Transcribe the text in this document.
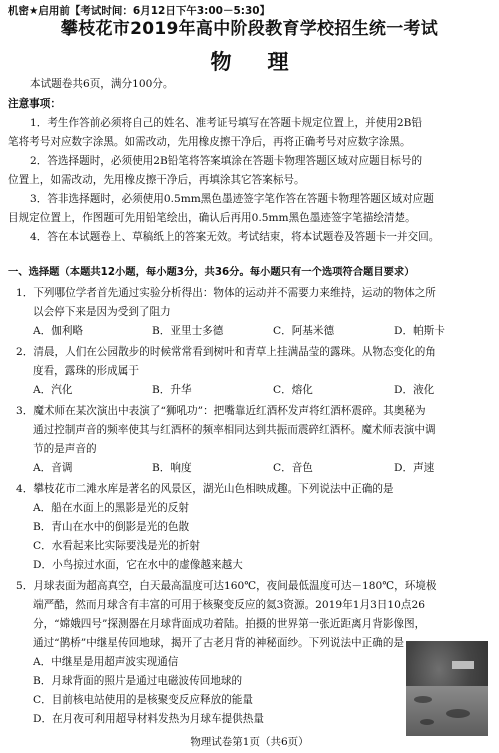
机密★启用前【考试时间：6月12日下午3:00－5:30】
攀枝花市2019年高中阶段教育学校招生统一考试
物理
本试题卷共6页，满分100分。
注意事项：
1．考生作答前必须将自己的姓名、准考证号填写在答题卡规定位置上，并使用2B铅
笔将考号对应数字涂黑。如需改动，先用橡皮擦干净后，再将正确考号对应数字涂黑。
2．答选择题时，必须使用2B铅笔将答案填涂在答题卡物理答题区域对应题目标号的
位置上，如需改动，先用橡皮擦干净后，再填涂其它答案标号。
3．答非选择题时，必须使用0.5mm黑色墨迹签字笔作答在答题卡物理答题区域对应题
目规定位置上，作图题可先用铅笔绘出，确认后再用0.5mm黑色墨迹签字笔描绘清楚。
4．答在本试题卷上、草稿纸上的答案无效。考试结束，将本试题卷及答题卡一并交回。
一、选择题（本题共12小题，每小题3分，共36分。每小题只有一个选项符合题目要求）
1．下列哪位学者首先通过实验分析得出：物体的运动并不需要力来维持，运动的物体之所
以会停下来是因为受到了阻力
A．伽利略	B．亚里士多德	C．阿基米德	D．帕斯卡
2．清晨，人们在公园散步的时候常常看到树叶和青草上挂满晶莹的露珠。从物态变化的角
度看，露珠的形成属于
A．汽化	B．升华	C．熔化	D．液化
3．魔术师在某次演出中表演了“狮吼功”：把嘴靠近红酒杯发声将红酒杯震碎。其奥秘为
通过控制声音的频率使其与红酒杯的频率相同达到共振而震碎红酒杯。魔术师表演中调
节的是声音的
A．音调	B．响度	C．音色	D．声速
4．攀枝花市二滩水库是著名的风景区，湖光山色相映成趣。下列说法中正确的是
A．船在水面上的黑影是光的反射
B．青山在水中的倒影是光的色散
C．水看起来比实际要浅是光的折射
D．小鸟掠过水面，它在水中的虚像越来越大
5．月球表面为超高真空，白天最高温度可达160℃，夜间最低温度可达－180℃，环境极
端严酷，然而月球含有丰富的可用于核聚变反应的氦3资源。2019年1月3日10点26
分，“嫦娥四号”探测器在月球背面成功着陆。拍摄的世界第一张近距离月背影像图，
通过“鹊桥”中继星传回地球，揭开了古老月背的神秘面纱。下列说法中正确的是
A．中继星是用超声波实现通信
B．月球背面的照片是通过电磁波传回地球的
C．目前核电站使用的是核聚变反应释放的能量
D．在月夜可利用超导材料发热为月球车提供热量
物理试卷第1页（共6页）
